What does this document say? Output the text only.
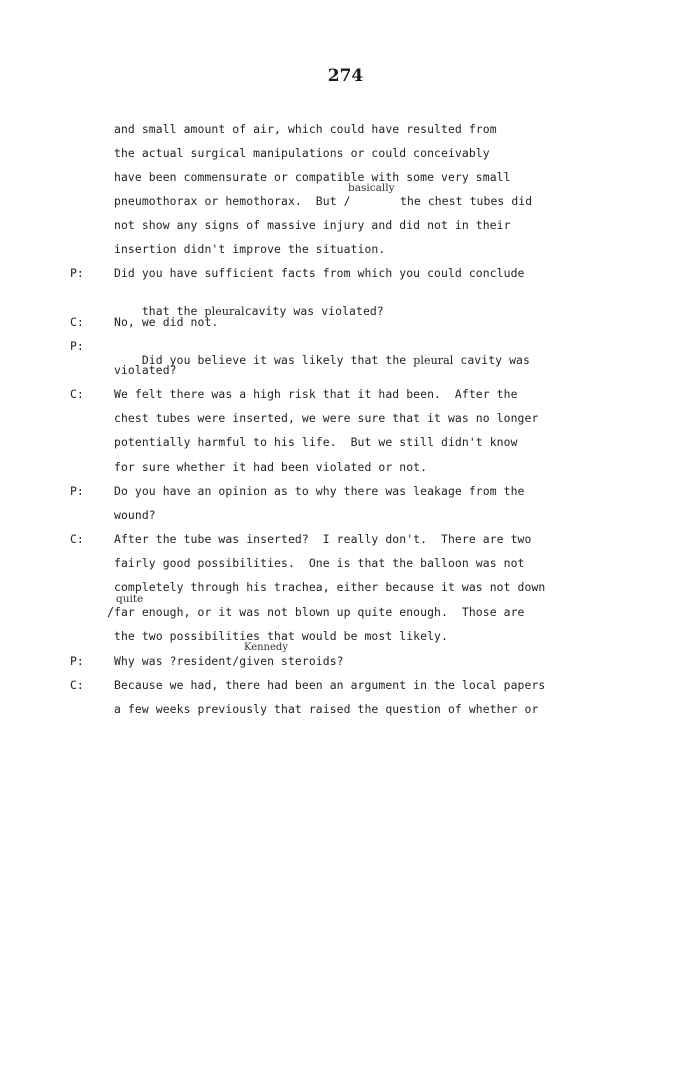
274
and small amount of air, which could have resulted from
the actual surgical manipulations or could conceivably
have been commensurate or compatible with some very small
basically
pneumothorax or hemothorax.  But /	the chest tubes did
not show any signs of massive injury and did not in their
insertion didn't improve the situation.
P:	Did you have sufficient facts from which you could conclude

that the pleuralcavity was violated?

C:	No, we did not.
P:

Did you believe it was likely that the pleural cavity was

violated?
C:	We felt there was a high risk that it had been.  After the
chest tubes were inserted, we were sure that it was no longer
potentially harmful to his life.  But we still didn't know
for sure whether it had been violated or not.
P:	Do you have an opinion as to why there was leakage from the
wound?
C:	After the tube was inserted?  I really don't.  There are two
fairly good possibilities.  One is that the balloon was not
completely through his trachea, either because it was not down
quite
/ far enough, or it was not blown up quite enough.  Those are
the two possibilities that would be most likely.
Kennedy
P:	Why was ?resident/given steroids?
C:	Because we had, there had been an argument in the local papers
a few weeks previously that raised the question of whether or
